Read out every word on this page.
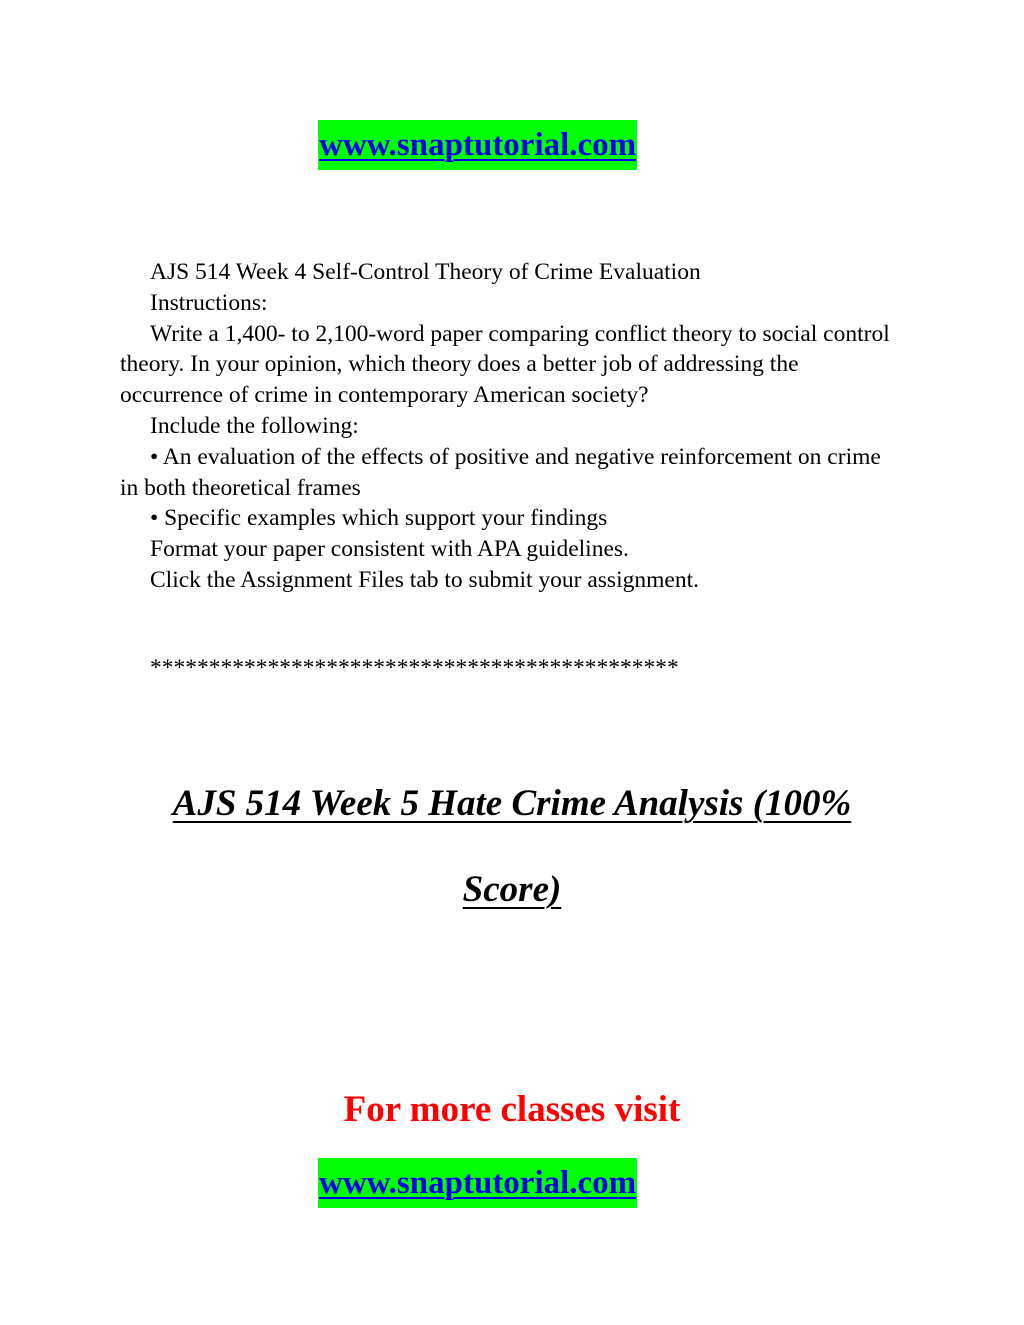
www.snaptutorial.com

AJS 514 Week 4 Self-Control Theory of Crime Evaluation

Instructions:

Write a 1,400- to 2,100-word paper comparing conflict theory to social control theory. In your opinion, which theory does a better job of addressing the occurrence of crime in contemporary American society?

Include the following:

• An evaluation of the effects of positive and negative reinforcement on crime in both theoretical frames

• Specific examples which support your findings

Format your paper consistent with APA guidelines.

Click the Assignment Files tab to submit your assignment.

*********************************************
AJS 514 Week 5 Hate Crime Analysis (100%
Score)
For more classes visit
www.snaptutorial.com
